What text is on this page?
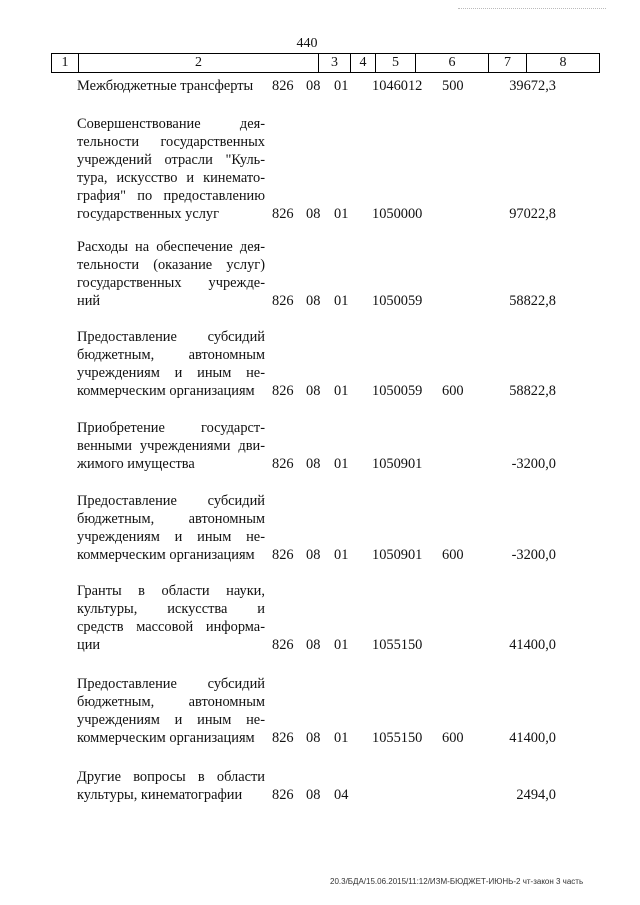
440
1	2	3	4	5	6	7	8
Межбюджетные трансферты	826 08 01 1046012 500	39672,3
Совершенствование дея-
тельности государственных
учреждений отрасли "Куль-
тура, искусство и кинемато-
графия" по предоставлению
государственных услуг	826 08 01 1050000	97022,8
Расходы на обеспечение дея-
тельности (оказание услуг)
государственных учрежде-
ний	826 08 01 1050059	58822,8
Предоставление субсидий
бюджетным, автономным
учреждениям и иным не-
коммерческим организациям	826 08 01 1050059 600	58822,8
Приобретение государст-
венными учреждениями дви-
жимого имущества	826 08 01 1050901	-3200,0
Предоставление субсидий
бюджетным, автономным
учреждениям и иным не-
коммерческим организациям	826 08 01 1050901 600	-3200,0
Гранты в области науки,
культуры, искусства и
средств массовой информа-
ции	826 08 01 1055150	41400,0
Предоставление субсидий
бюджетным, автономным
учреждениям и иным не-
коммерческим организациям	826 08 01 1055150 600	41400,0
Другие вопросы в области
культуры, кинематографии	826 08 04	2494,0
20.3/БДА/15.06.2015/11:12/ИЗМ-БЮДЖЕТ-ИЮНЬ-2 чт-закон 3 часть
